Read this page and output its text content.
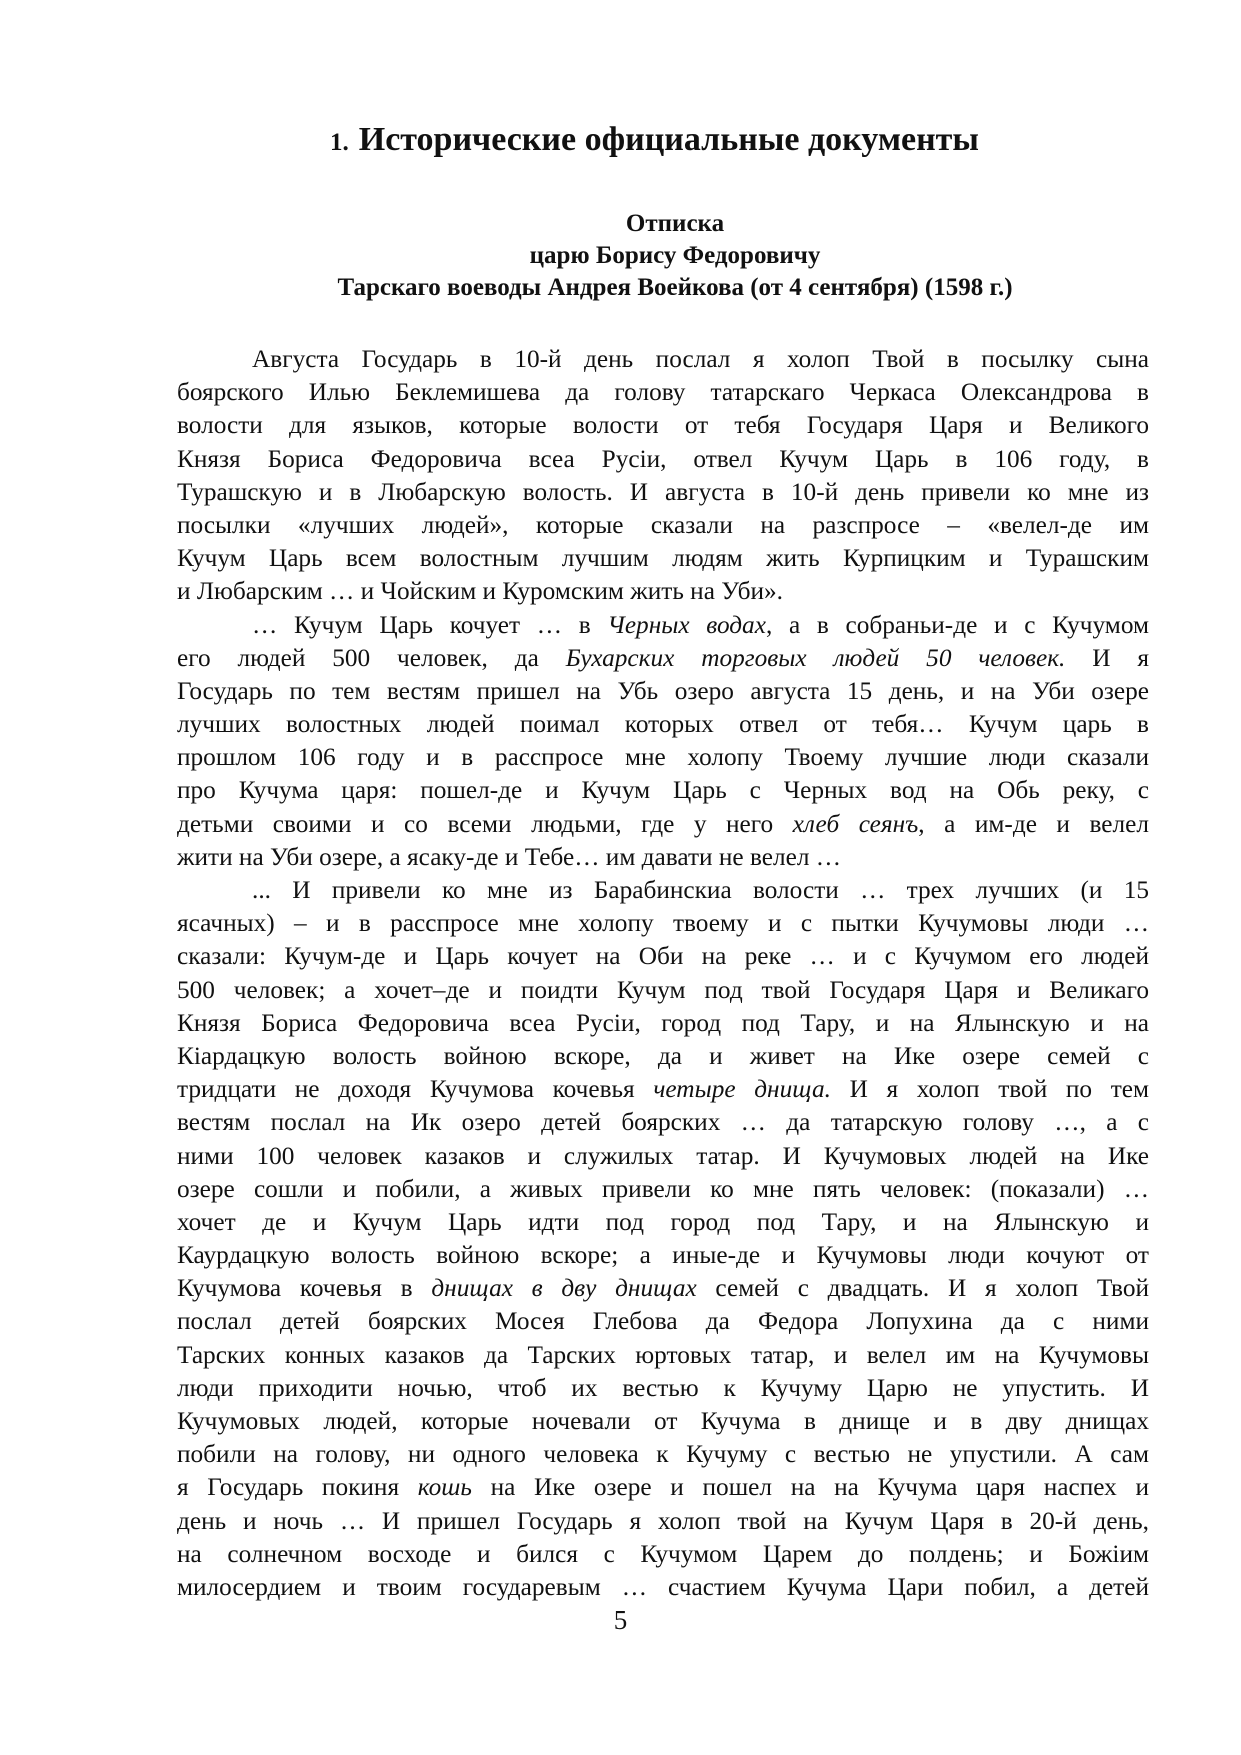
1. Исторические официальные документы
Отписка
царю Борису Федоровичу
Тарскаго воеводы Андрея Воейкова (от 4 сентября) (1598 г.)
Августа Государь в 10-й день послал я холоп Твой в посылку сына
боярского Илью Беклемишева да голову татарскаго Черкаса Олександрова в
волости для языков, которые волости от тебя Государя Царя и Великого
Князя Бориса Федоровича всеа Русiи, отвел Кучум Царь в 106 году, в
Турашскую и в Любарскую волость. И августа в 10-й день привели ко мне из
посылки «лучших людей», которые сказали на разспросе – «велел-де им
Кучум Царь всем волостным лучшим людям жить Курпицким и Турашским
и Любарским … и Чойским и Куромским жить на Уби».
… Кучум Царь кочует … в Черных водах, а в собраньи-де и с Кучумом
его людей 500 человек, да Бухарских торговых людей 50 человек. И я
Государь по тем вестям пришел на Убь озеро августа 15 день, и на Уби озере
лучших волостных людей поимал которых отвел от тебя… Кучум царь в
прошлом 106 году и в расспросе мне холопу Твоему лучшие люди сказали
про Кучума царя: пошел-де и Кучум Царь с Черных вод на Обь реку, с
детьми своими и со всеми людьми, где у него хлеб сеянъ, а им-де и велел
жити на Уби озере, а ясаку-де и Тебе… им давати не велел …
... И привели ко мне из Барабинскиа волости … трех лучших (и 15
ясачных) – и в расспросе мне холопу твоему и с пытки Кучумовы люди …
сказали: Кучум-де и Царь кочует на Оби на реке … и с Кучумом его людей
500 человек; а хочет–де и поидти Кучум под твой Государя Царя и Великаго
Князя Бориса Федоровича всеа Русiи, город под Тару, и на Ялынскую и на
Кiардацкую волость войною вскоре, да и живет на Ике озере семей с
тридцати не доходя Кучумова кочевья четыре днища. И я холоп твой по тем
вестям послал на Ик озеро детей боярских … да татарскую голову …, а с
ними 100 человек казаков и служилых татар. И Кучумовых людей на Ике
озере сошли и побили, а живых привели ко мне пять человек: (показали) …
хочет де и Кучум Царь идти под город под Тару, и на Ялынскую и
Каурдацкую волость войною вскоре; а иные-де и Кучумовы люди кочуют от
Кучумова кочевья в днищах в дву днищах семей с двадцать. И я холоп Твой
послал детей боярских Мосея Глебова да Федора Лопухина да с ними
Тарских конных казаков да Тарских юртовых татар, и велел им на Кучумовы
люди приходити ночью, чтоб их вестью к Кучуму Царю не упустить. И
Кучумовых людей, которые ночевали от Кучума в днище и в дву днищах
побили на голову, ни одного человека к Кучуму с вестью не упустили. А сам
я Государь покиня кошь на Ике озере и пошел на на Кучума царя наспех и
день и ночь … И пришел Государь я холоп твой на Кучум Царя в 20-й день,
на солнечном восходе и бился с Кучумом Царем до полдень; и Божiим
милосердием и твоим государевым … счастием Кучума Цари побил, а детей
5
